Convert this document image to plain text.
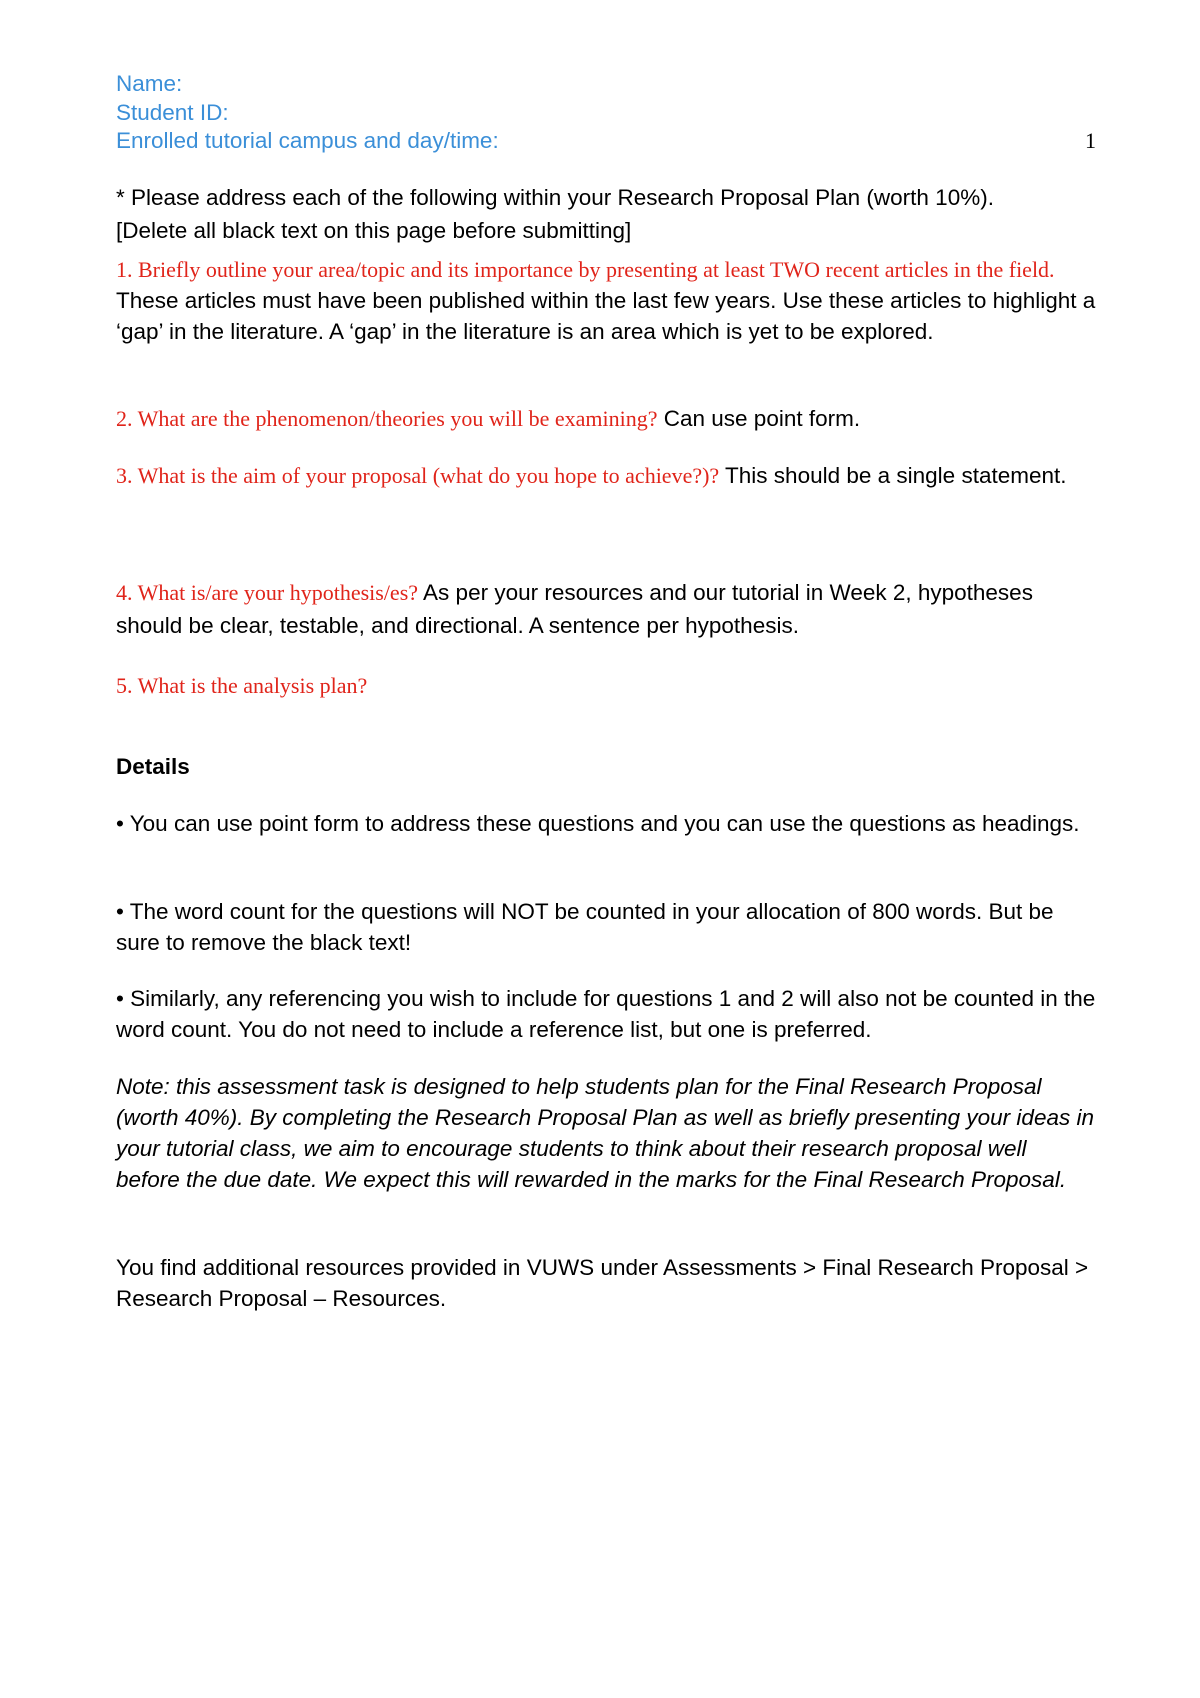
Name:
Student ID:
Enrolled tutorial campus and day/time:	1

* Please address each of the following within your Research Proposal Plan (worth 10%).
[Delete all black text on this page before submitting]

1. Briefly outline your area/topic and its importance by presenting at least TWO recent articles in the field. These articles must have been published within the last few years. Use these articles to highlight a ‘gap’ in the literature. A ‘gap’ in the literature is an area which is yet to be explored.

2. What are the phenomenon/theories you will be examining? Can use point form.

3. What is the aim of your proposal (what do you hope to achieve?)? This should be a single statement.

4. What is/are your hypothesis/es? As per your resources and our tutorial in Week 2, hypotheses should be clear, testable, and directional. A sentence per hypothesis.

5. What is the analysis plan?

Details

• You can use point form to address these questions and you can use the questions as headings.

• The word count for the questions will NOT be counted in your allocation of 800 words. But be sure to remove the black text!

• Similarly, any referencing you wish to include for questions 1 and 2 will also not be counted in the word count. You do not need to include a reference list, but one is preferred.

Note: this assessment task is designed to help students plan for the Final Research Proposal (worth 40%). By completing the Research Proposal Plan as well as briefly presenting your ideas in your tutorial class, we aim to encourage students to think about their research proposal well before the due date. We expect this will rewarded in the marks for the Final Research Proposal.

You find additional resources provided in VUWS under Assessments > Final Research Proposal > Research Proposal – Resources.
